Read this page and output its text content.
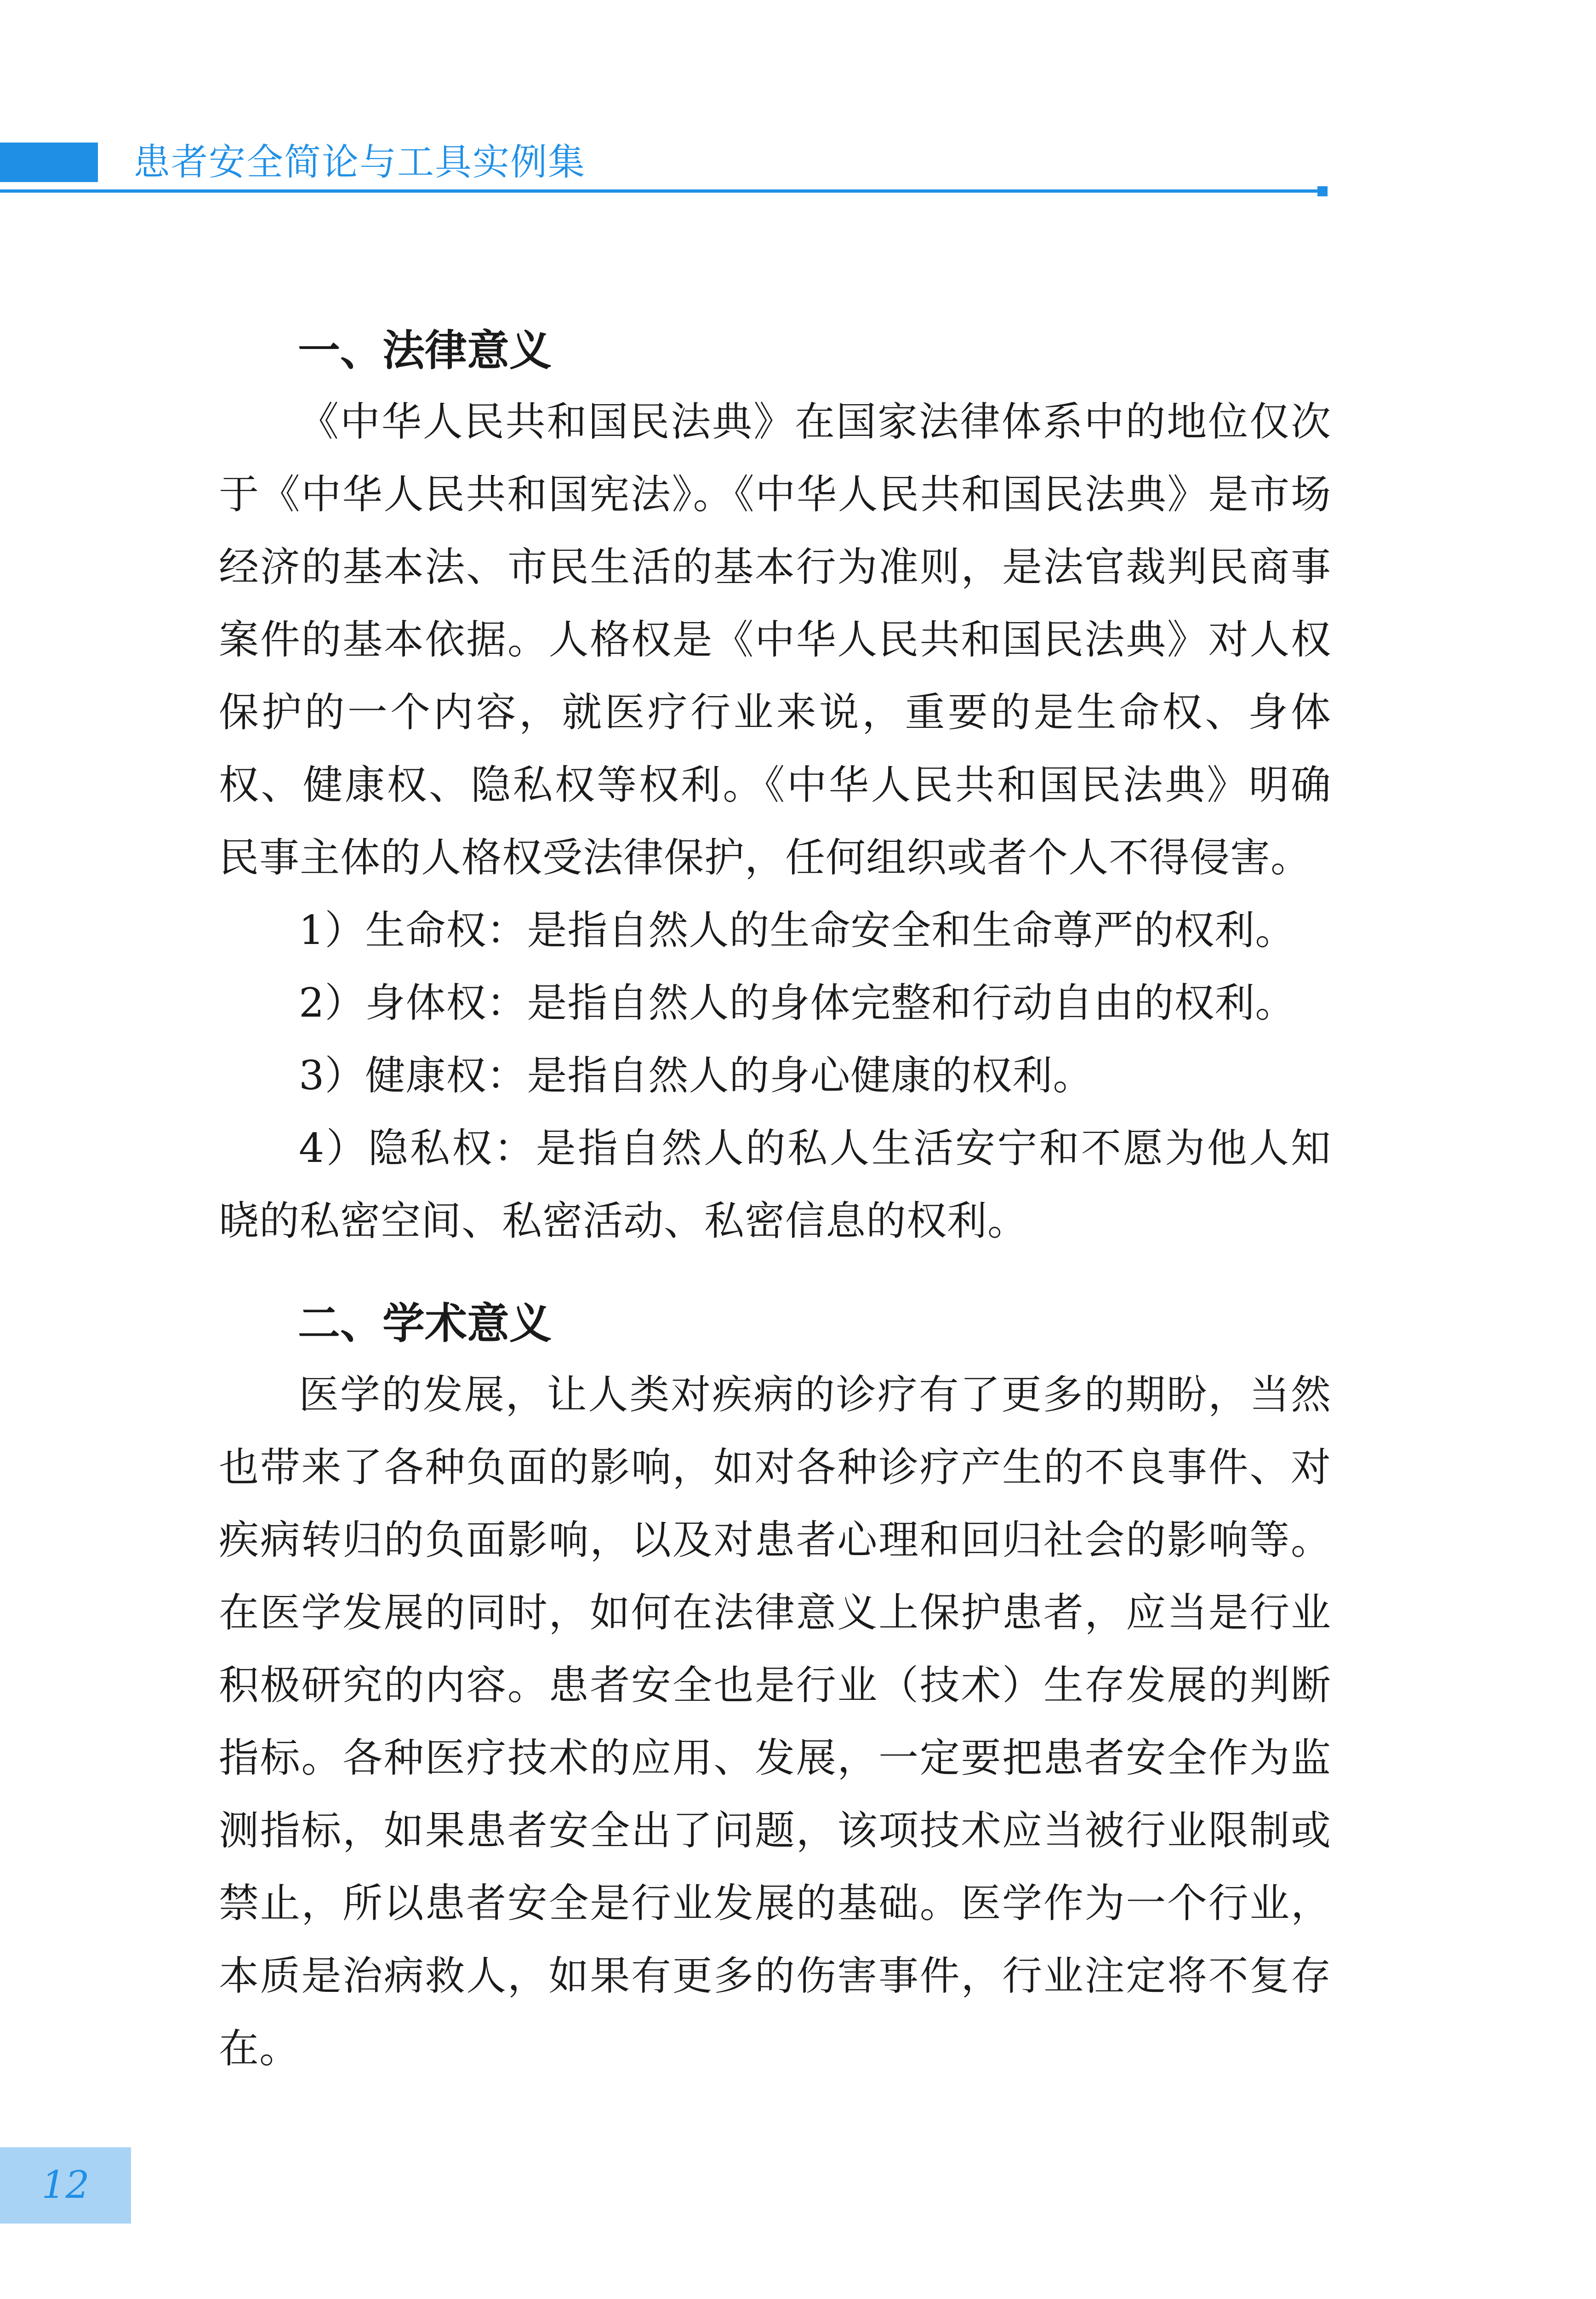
患者安全简论与工具实例集
一、法律意义

《中华人民共和国民法典》在国家法律体系中的地位仅次于《中华人民共和国宪法》。《中华人民共和国民法典》是市场经济的基本法、市民生活的基本行为准则，是法官裁判民商事案件的基本依据。人格权是《中华人民共和国民法典》对人权保护的一个内容，就医疗行业来说，重要的是生命权、身体权、健康权、隐私权等权利。《中华人民共和国民法典》明确民事主体的人格权受法律保护，任何组织或者个人不得侵害。

1）生命权：是指自然人的生命安全和生命尊严的权利。

2）身体权：是指自然人的身体完整和行动自由的权利。

3）健康权：是指自然人的身心健康的权利。

4）隐私权：是指自然人的私人生活安宁和不愿为他人知晓的私密空间、私密活动、私密信息的权利。

二、学术意义

医学的发展，让人类对疾病的诊疗有了更多的期盼，当然也带来了各种负面的影响，如对各种诊疗产生的不良事件、对疾病转归的负面影响，以及对患者心理和回归社会的影响等。在医学发展的同时，如何在法律意义上保护患者，应当是行业积极研究的内容。患者安全也是行业（技术）生存发展的判断指标。各种医疗技术的应用、发展，一定要把患者安全作为监测指标，如果患者安全出了问题，该项技术应当被行业限制或禁止，所以患者安全是行业发展的基础。医学作为一个行业，本质是治病救人，如果有更多的伤害事件，行业注定将不复存在。

12
